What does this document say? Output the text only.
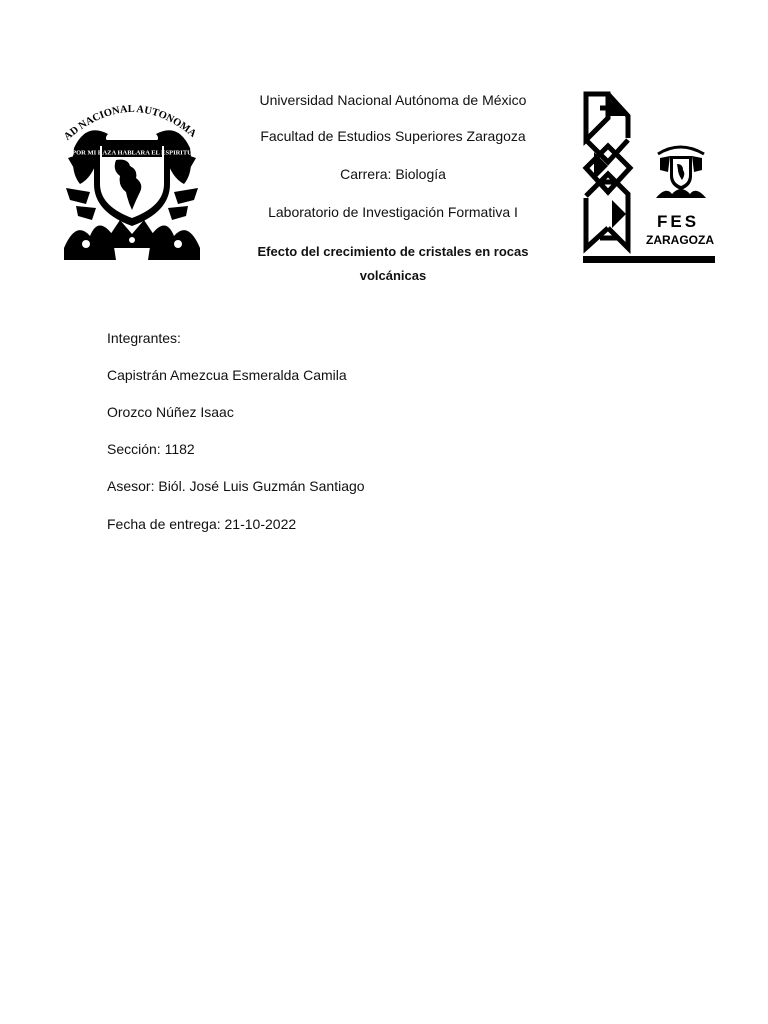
AD NACIONAL AUTONOMA
POR MI RAZA HABLARA EL ESPIRITU
Universidad Nacional Autónoma de México
Facultad de Estudios Superiores Zaragoza
Carrera: Biología
Laboratorio de Investigación Formativa I
Efecto del crecimiento de cristales en rocas volcánicas
FES
ZARAGOZA
Integrantes:
Capistrán Amezcua Esmeralda Camila
Orozco Núñez Isaac
Sección: 1182
Asesor: Biól. José Luis Guzmán Santiago
Fecha de entrega: 21-10-2022
